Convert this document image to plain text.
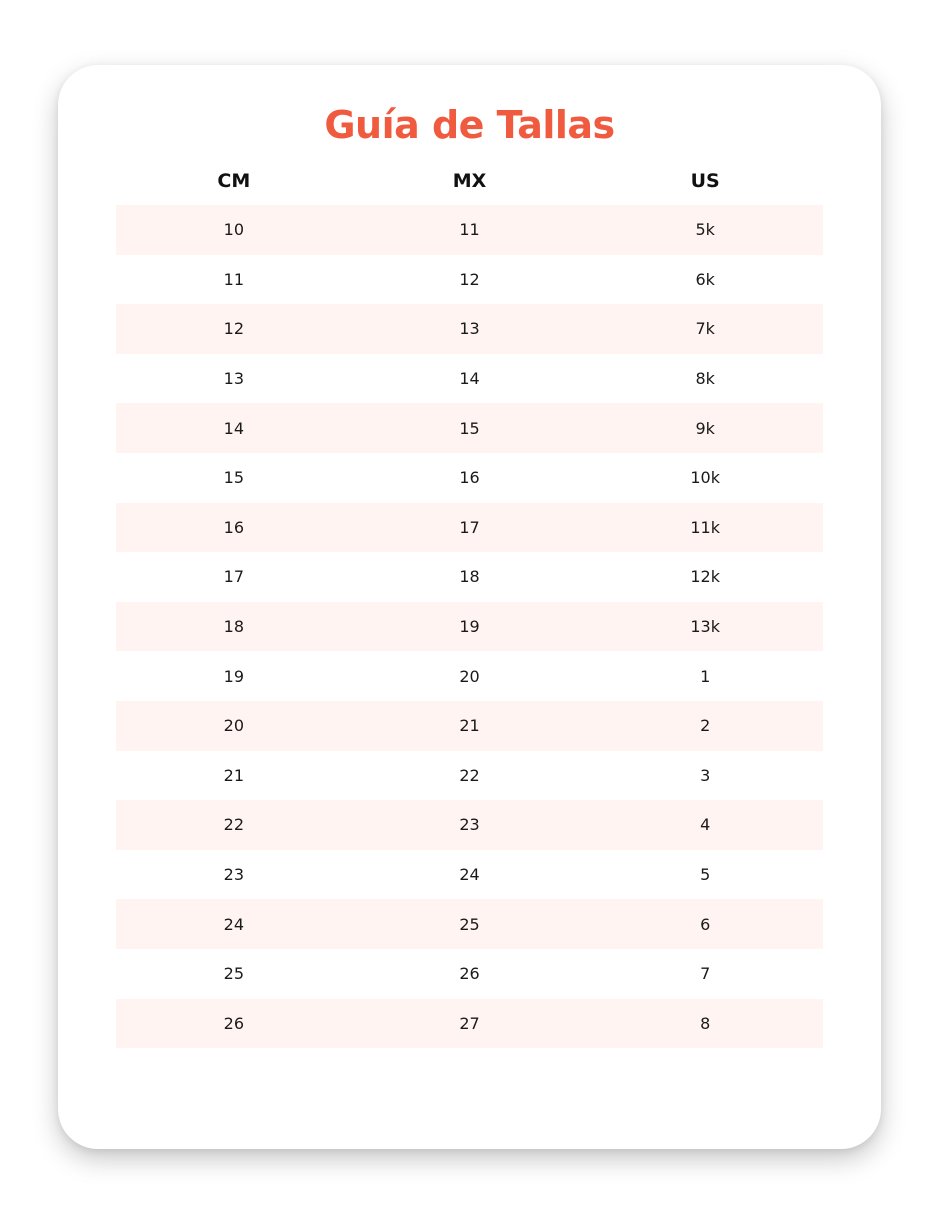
Guía de Tallas
CM	MX	US
10	11	5k
11	12	6k
12	13	7k
13	14	8k
14	15	9k
15	16	10k
16	17	11k
17	18	12k
18	19	13k
19	20	1
20	21	2
21	22	3
22	23	4
23	24	5
24	25	6
25	26	7
26	27	8
